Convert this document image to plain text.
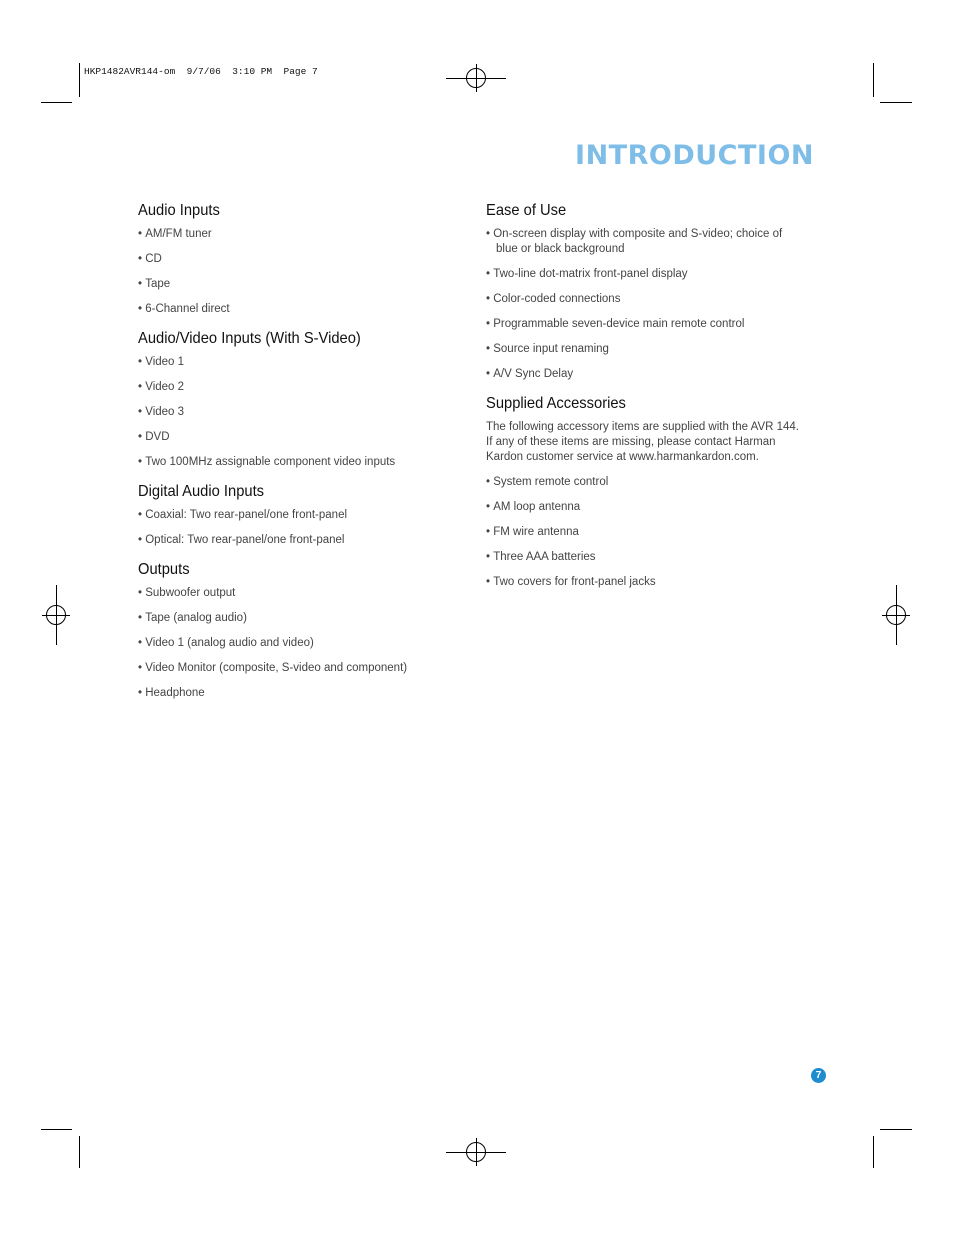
HKP1482AVR144-om  9/7/06  3:10 PM  Page 7
INTRODUCTION
Audio Inputs
• AM/FM tuner
• CD
• Tape
• 6-Channel direct
Audio/Video Inputs (With S-Video)
• Video 1
• Video 2
• Video 3
• DVD
• Two 100MHz assignable component video inputs
Digital Audio Inputs
• Coaxial: Two rear-panel/one front-panel
• Optical: Two rear-panel/one front-panel
Outputs
• Subwoofer output
• Tape (analog audio)
• Video 1 (analog audio and video)
• Video Monitor (composite, S-video and component)
• Headphone
Ease of Use
• On-screen display with composite and S-video; choice of blue or black background
• Two-line dot-matrix front-panel display
• Color-coded connections
• Programmable seven-device main remote control
• Source input renaming
• A/V Sync Delay
Supplied Accessories

The following accessory items are supplied with the AVR 144. If any of these items are missing, please contact Harman Kardon customer service at www.harmankardon.com.

• System remote control
• AM loop antenna
• FM wire antenna
• Three AAA batteries
• Two covers for front-panel jacks
7
